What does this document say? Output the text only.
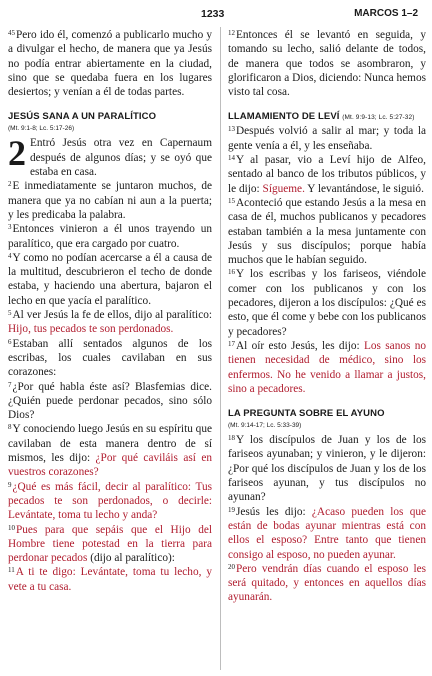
1233	MARCOS 1–2

$^{45}$Pero ido él, comenzó a publicarlo mucho y a divulgar el hecho, de manera que ya Jesús no podía entrar abiertamente en la ciudad, sino que se quedaba fuera en los lugares desiertos; y venían a él de todas partes.

JESÚS SANA A UN PARALÍTICO
(Mt. 9:1-8; Lc. 5:17-26)

2 Entró Jesús otra vez en Capernaum después de algunos días; y se oyó que estaba en casa.

$^2$E inmediatamente se juntaron muchos, de manera que ya no cabían ni aun a la puerta; y les predicaba la palabra.

$^3$Entonces vinieron a él unos trayendo un paralítico, que era cargado por cuatro.

$^4$Y como no podían acercarse a él a causa de la multitud, descubrieron el techo de donde estaba, y haciendo una abertura, bajaron el lecho en que yacía el paralítico.

$^5$Al ver Jesús la fe de ellos, dijo al paralítico: Hijo, tus pecados te son perdonados.

$^6$Estaban allí sentados algunos de los escribas, los cuales cavilaban en sus corazones:

$^7$¿Por qué habla éste así? Blasfemias dice. ¿Quién puede perdonar pecados, sino sólo Dios?

$^8$Y conociendo luego Jesús en su espíritu que cavilaban de esta manera dentro de sí mismos, les dijo: ¿Por qué caviláis así en vuestros corazones?

$^9$¿Qué es más fácil, decir al paralítico: Tus pecados te son perdonados, o decirle: Levántate, toma tu lecho y anda?

$^{10}$Pues para que sepáis que el Hijo del Hombre tiene potestad en la tierra para perdonar pecados (dijo al paralítico):

$^{11}$A ti te digo: Levántate, toma tu lecho, y vete a tu casa.

$^{12}$Entonces él se levantó en seguida, y tomando su lecho, salió delante de todos, de manera que todos se asombraron, y glorificaron a Dios, diciendo: Nunca hemos visto tal cosa.

LLAMAMIENTO DE LEVÍ (Mt. 9:9-13; Lc. 5:27-32)

$^{13}$Después volvió a salir al mar; y toda la gente venía a él, y les enseñaba.

$^{14}$Y al pasar, vio a Leví hijo de Alfeo, sentado al banco de los tributos públicos, y le dijo: Sígueme. Y levantándose, le siguió.

$^{15}$Aconteció que estando Jesús a la mesa en casa de él, muchos publicanos y pecadores estaban también a la mesa juntamente con Jesús y sus discípulos; porque había muchos que le habían seguido.

$^{16}$Y los escribas y los fariseos, viéndole comer con los publicanos y con los pecadores, dijeron a los discípulos: ¿Qué es esto, que él come y bebe con los publicanos y pecadores?

$^{17}$Al oír esto Jesús, les dijo: Los sanos no tienen necesidad de médico, sino los enfermos. No he venido a llamar a justos, sino a pecadores.

LA PREGUNTA SOBRE EL AYUNO
(Mt. 9:14-17; Lc. 5:33-39)

$^{18}$Y los discípulos de Juan y los de los fariseos ayunaban; y vinieron, y le dijeron: ¿Por qué los discípulos de Juan y los de los fariseos ayunan, y tus discípulos no ayunan?

$^{19}$Jesús les dijo: ¿Acaso pueden los que están de bodas ayunar mientras está con ellos el esposo? Entre tanto que tienen consigo al esposo, no pueden ayunar.

$^{20}$Pero vendrán días cuando el esposo les será quitado, y entonces en aquellos días ayunarán.
